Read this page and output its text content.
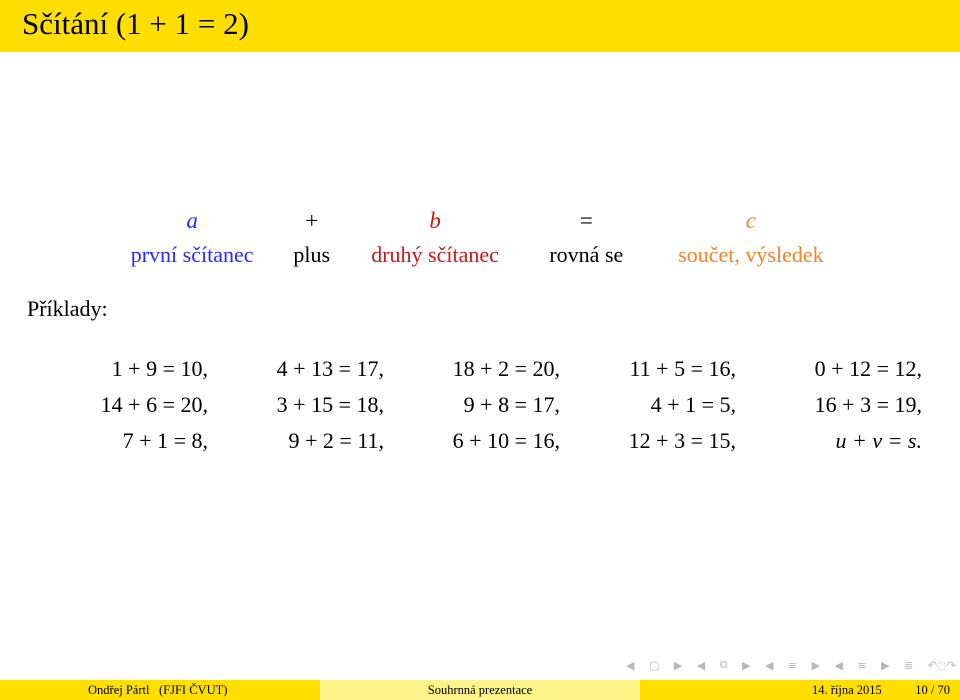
Sčítání (1 + 1 = 2)
a	+	b	=	c
první sčítanec	plus	druhý sčítanec	rovná se	součet, výsledek
Příklady:
1 + 9 = 10,	4 + 13 = 17,	18 + 2 = 20,	11 + 5 = 16,	0 + 12 = 12,
14 + 6 = 20,	3 + 15 = 18,	9 + 8 = 17,	4 + 1 = 5,	16 + 3 = 19,
7 + 1 = 8,	9 + 2 = 11,	6 + 10 = 16,	12 + 3 = 15,	u + v = s.
◀ ▢ ▶ ◀ ⧉ ▶ ◀ ≡ ▶ ◀ ≡ ▶ ≣ ↶◌↷
Ondřej Pártl (FJFI ČVUT)	Souhrnná prezentace	14. října 2015	10 / 70
